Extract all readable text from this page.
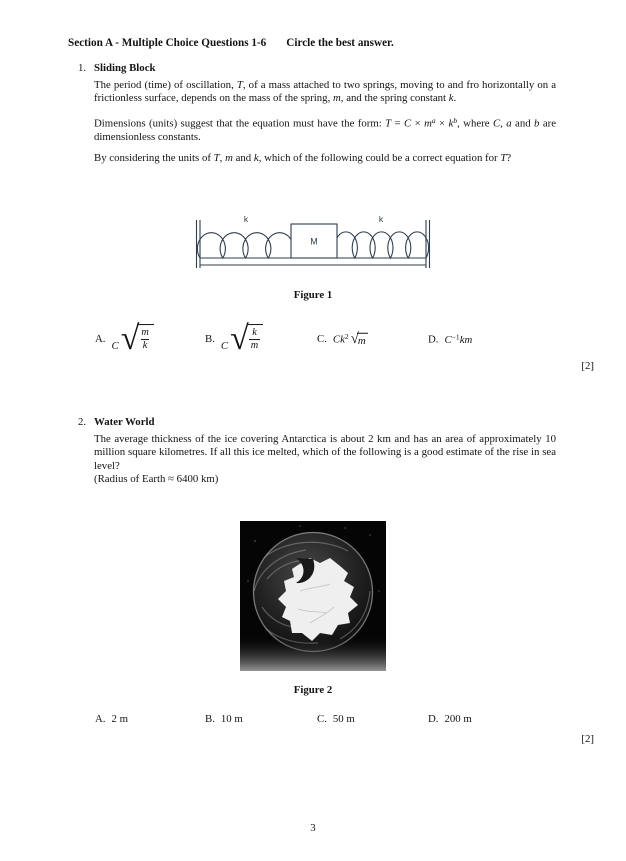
Section A - Multiple Choice Questions 1-6 Circle the best answer.
1. Sliding Block

The period (time) of oscillation, T, of a mass attached to two springs, moving to and fro horizontally on a frictionless surface, depends on the mass of the spring, m, and the spring constant k.

Dimensions (units) suggest that the equation must have the form: $T = C \times m^a \times k^b$, where C, a and b are dimensionless constants.

By considering the units of T, m and k, which of the following could be a correct equation for T?

k	k
M
Figure 1
A.
C √ $\frac{m}{k}$	B.
C √ $\frac{k}{m}$	C. Ck$^2$ √ m	D. $C^{-1}km$
[2]
2. Water World

The average thickness of the ice covering Antarctica is about 2 km and has an area of approximately 10 million square kilometres. If all this ice melted, which of the following is a good estimate of the rise in sea level?

(Radius of Earth ≈ 6400 km)

Figure 2
A. 2 m	B. 10 m	C. 50 m	D. 200 m
[2]
3
